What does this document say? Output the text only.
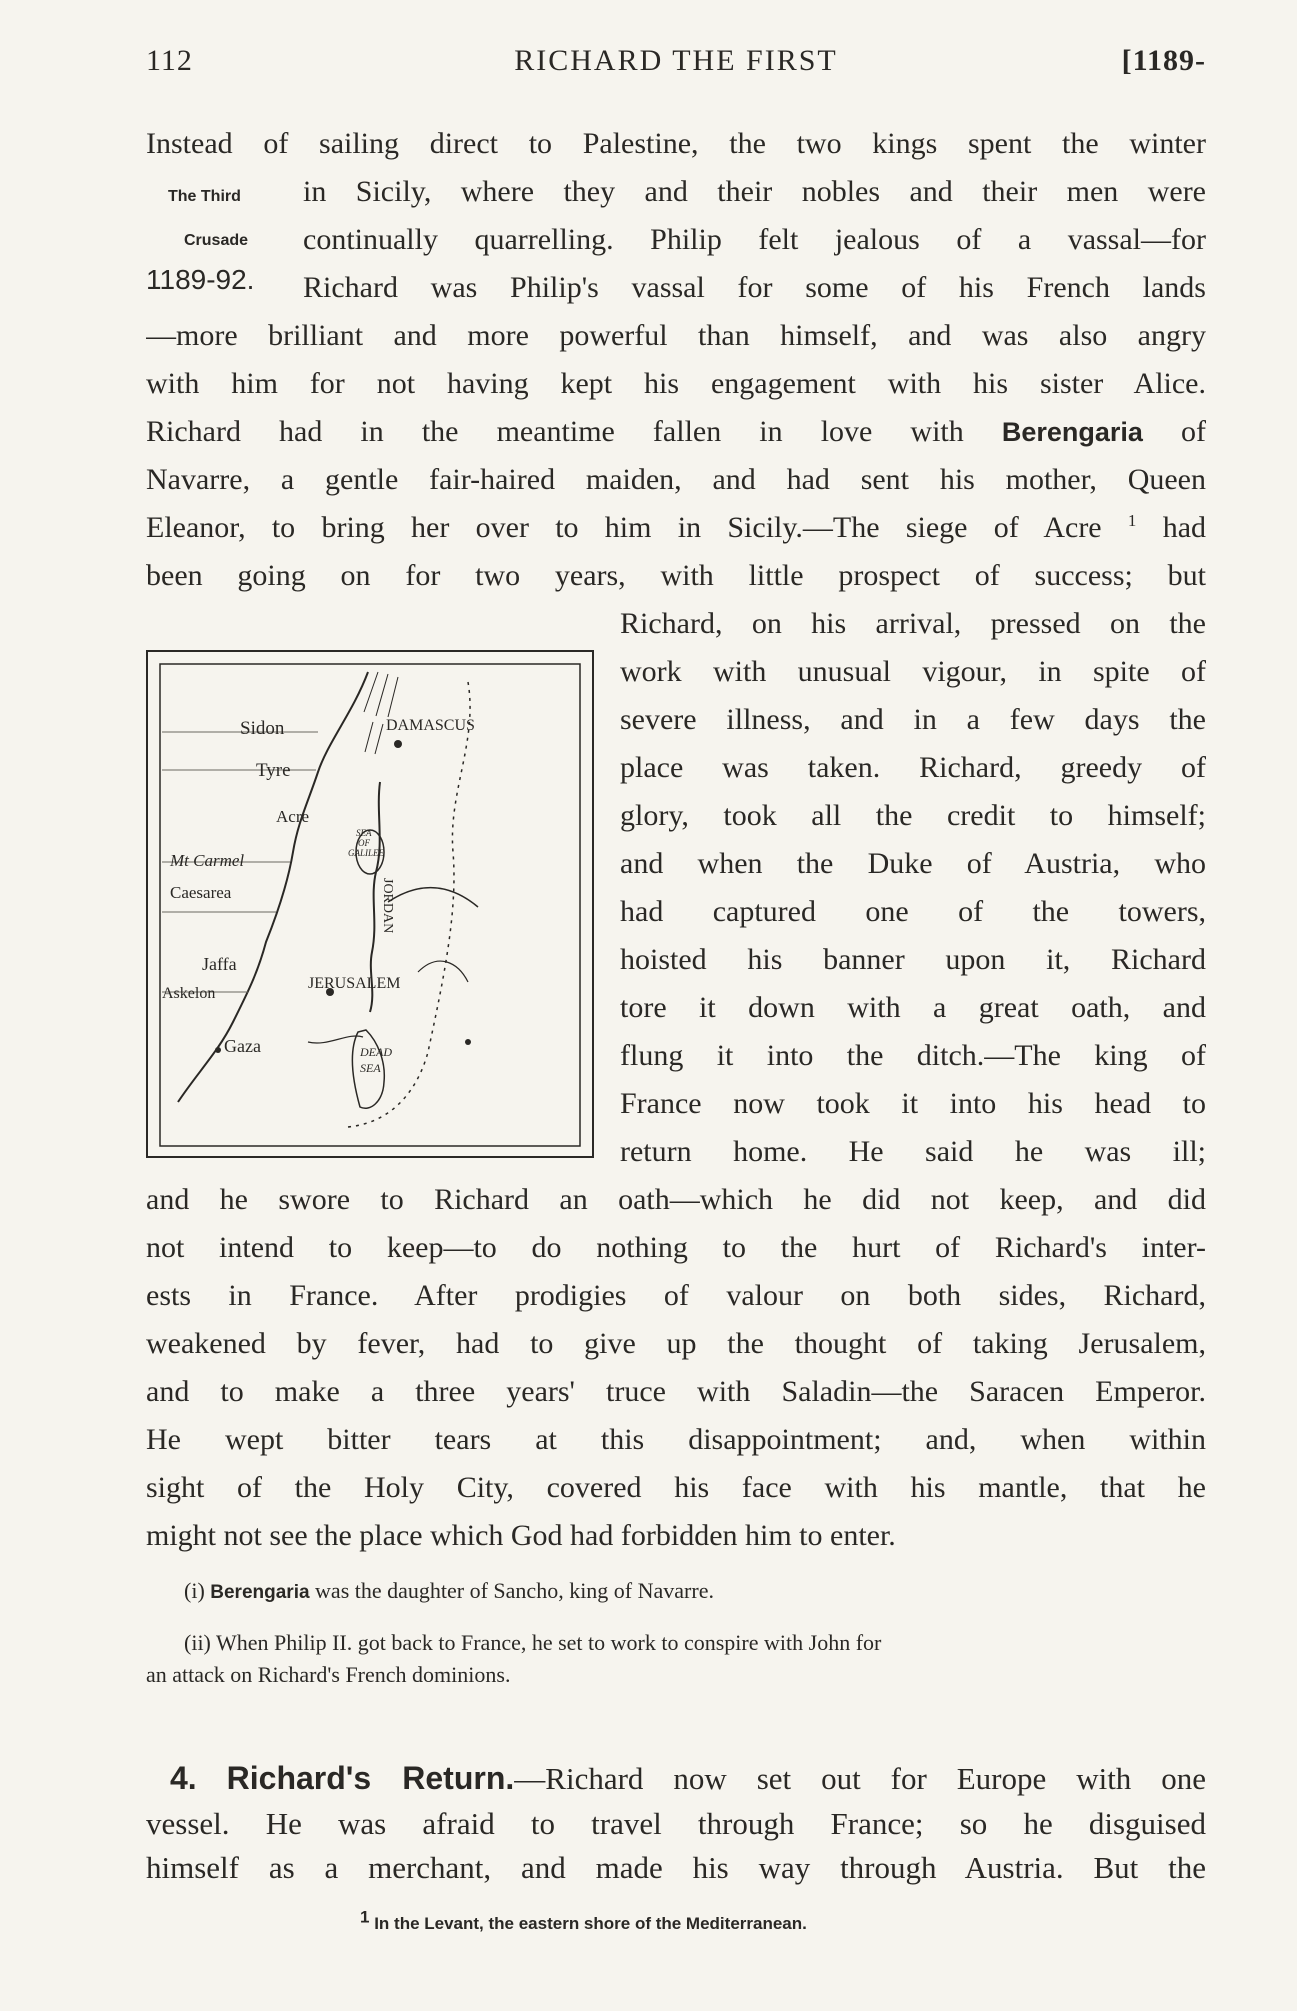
112	RICHARD THE FIRST	[1189-
The Third
Crusade
1189-92.
Instead of sailing direct to Palestine, the two kings spent the winter
in Sicily, where they and their nobles and their men were
continually quarrelling. Philip felt jealous of a vassal—for
Richard was Philip's vassal for some of his French lands
—more brilliant and more powerful than himself, and was also angry
with him for not having kept his engagement with his sister Alice.
Richard had in the meantime fallen in love with Berengaria of
Navarre, a gentle fair-haired maiden, and had sent his mother, Queen
Eleanor, to bring her over to him in Sicily.—The siege of Acre $^1$ had
been going on for two years, with little prospect of success; but
Richard, on his arrival, pressed on the
work with unusual vigour, in spite of
severe illness, and in a few days the
place was taken. Richard, greedy of
glory, took all the credit to himself;
and when the Duke of Austria, who
had captured one of the towers,
hoisted his banner upon it, Richard
tore it down with a great oath, and
flung it into the ditch.—The king of
France now took it into his head to
return home. He said he was ill;
and he swore to Richard an oath—which he did not keep, and did
not intend to keep—to do nothing to the hurt of Richard's inter-
ests in France. After prodigies of valour on both sides, Richard,
weakened by fever, had to give up the thought of taking Jerusalem,
and to make a three years' truce with Saladin—the Saracen Emperor.
He wept bitter tears at this disappointment; and, when within
sight of the Holy City, covered his face with his mantle, that he
might not see the place which God had forbidden him to enter.
DAMASCUS
Sidon
Tyre
Acre
Mt Carmel
Caesarea
Jaffa
Askelon
Gaza
JERUSALEM
DEAD
SEA
SEA
OF
GALILEE
JORDAN
(i) Berengaria was the daughter of Sancho, king of Navarre.
(ii) When Philip II. got back to France, he set to work to conspire with John for
an attack on Richard's French dominions.
4. Richard's Return.—Richard now set out for Europe with one
vessel. He was afraid to travel through France; so he disguised
himself as a merchant, and made his way through Austria. But the
$^1$ In the Levant, the eastern shore of the Mediterranean.
